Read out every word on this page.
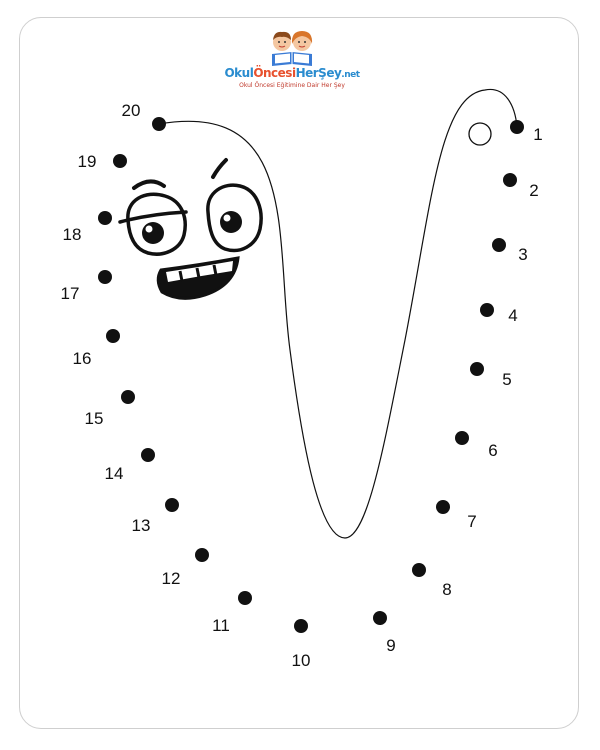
OkulÖncesiHerŞey.net
Okul Öncesi Eğitimine Dair Her Şey
1
2
3
4
5
6
7
8
9
10
11
12
13
14
15
16
17
18
19
20
